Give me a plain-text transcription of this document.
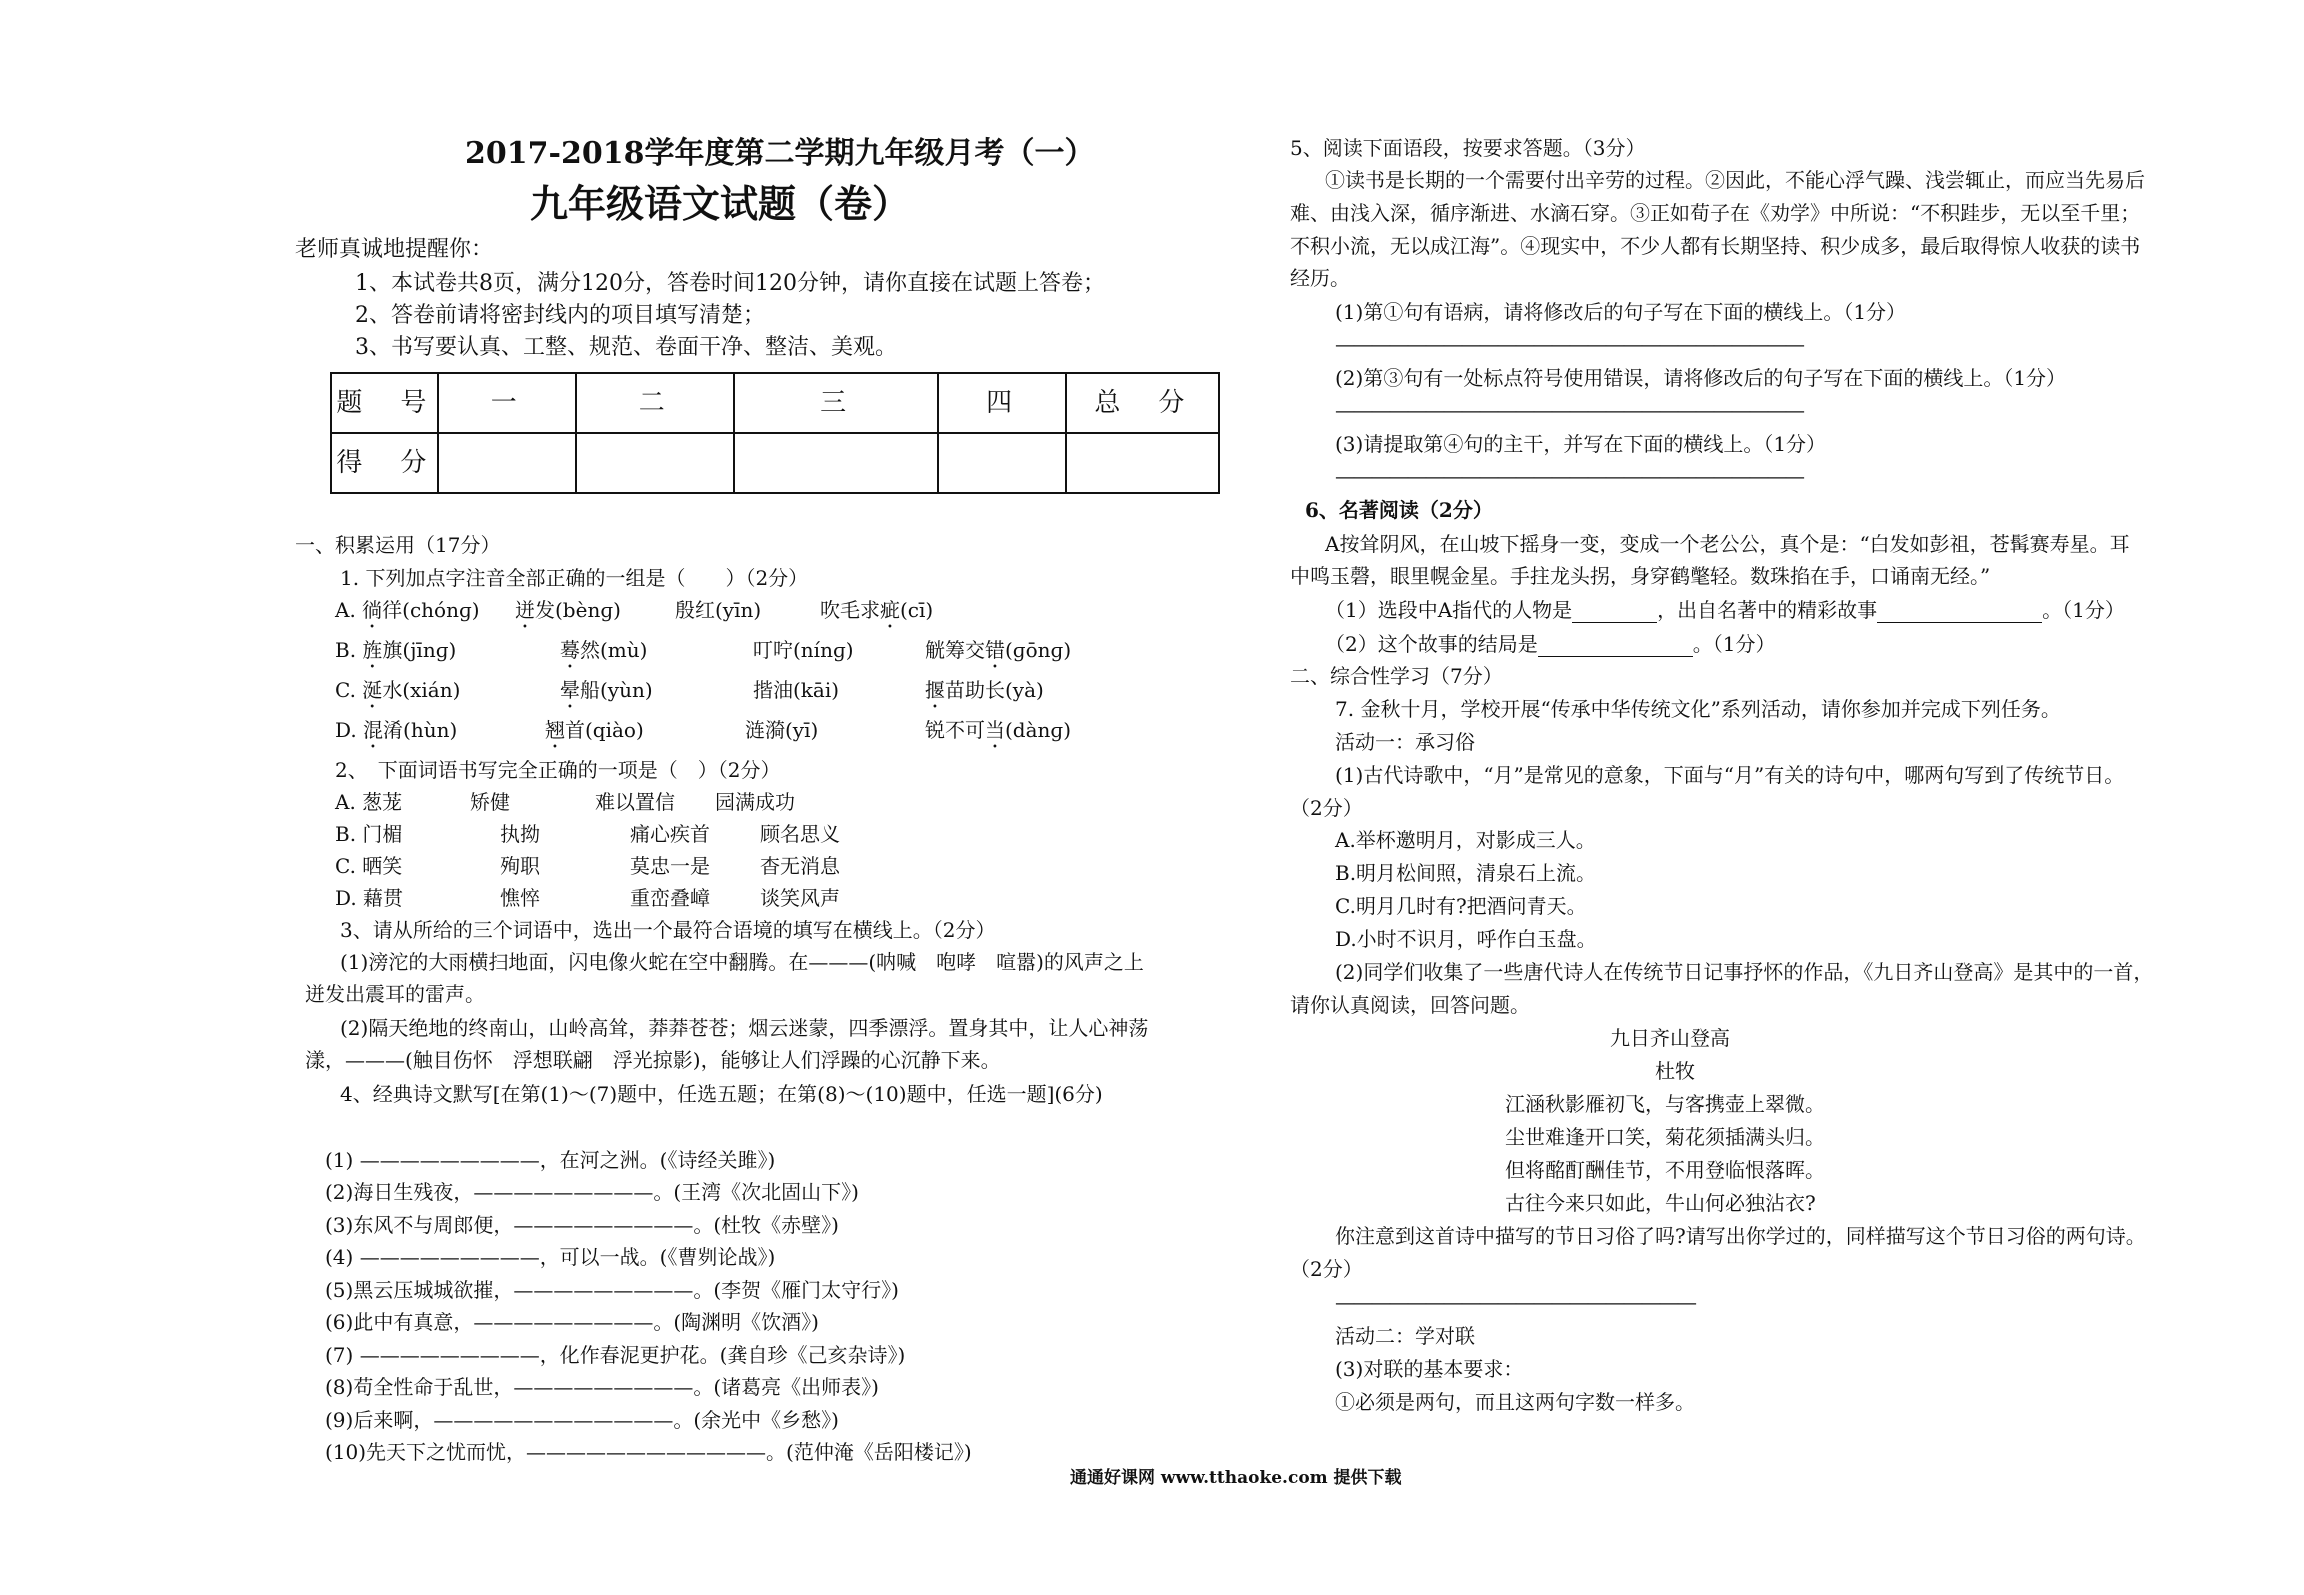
2017-2018学年度第二学期九年级月考（一）
九年级语文试题（卷）
老师真诚地提醒你：
1、本试卷共8页，满分120分，答卷时间120分钟，请你直接在试题上答卷；
2、答卷前请将密封线内的项目填写清楚；
3、书写要认真、工整、规范、卷面干净、整洁、美观。
题　号	一	二	三	四	总　分
得　分					
一、积累运用（17分）
1. 下列加点字注音全部正确的一组是（　　）（2分）
A. 徜徉(chónɡ) 迸发(bènɡ)	殷红(yīn)	吹毛求疵(cī)
B. 旌旗(jīnɡ)	蓦然(mù)	叮咛(nínɡ)	觥筹交错(ɡōnɡ)
C. 涎水(xián)	晕船(yùn)	揩油(kāi)	揠苗助长(yà)
D. 混淆(hùn)	翘首(qiào)	涟漪(yī)	锐不可当(dànɡ)
2、　下面词语书写完全正确的一项是（　）（2分）
A. 葱茏	矫健	难以置信 园满成功
B. 门楣	执拗	痛心疾首	顾名思义
C. 晒笑	殉职	莫忠一是	杳无消息
D. 藉贯	憔悴	重峦叠嶂	谈笑风声
3、请从所给的三个词语中，选出一个最符合语境的填写在横线上。（2分）
(1)滂沱的大雨横扫地面，闪电像火蛇在空中翻腾。在———(呐喊　咆哮　喧嚣)的风声之上
迸发出震耳的雷声。
(2)隔天绝地的终南山，山岭高耸，莽莽苍苍；烟云迷蒙，四季漂浮。置身其中，让人心神荡
漾，———(触目伤怀　浮想联翩　浮光掠影)，能够让人们浮躁的心沉静下来。
4、经典诗文默写[在第(1)～(7)题中，任选五题；在第(8)～(10)题中，任选一题](6分)
(1) —————————，在河之洲。(《诗经关雎》)
(2)海日生残夜，—————————。(王湾《次北固山下》)
(3)东风不与周郎便，—————————。(杜牧《赤壁》)
(4) —————————，可以一战。(《曹刿论战》)
(5)黑云压城城欲摧，—————————。(李贺《雁门太守行》)
(6)此中有真意，—————————。(陶渊明《饮酒》)
(7) —————————，化作春泥更护花。(龚自珍《己亥杂诗》)
(8)苟全性命于乱世，—————————。(诸葛亮《出师表》)
(9)后来啊，————————————。(余光中《乡愁》)
(10)先天下之忧而忧，————————————。(范仲淹《岳阳楼记》)
5、阅读下面语段，按要求答题。（3分）
①读书是长期的一个需要付出辛劳的过程。②因此，不能心浮气躁、浅尝辄止，而应当先易后
难、由浅入深，循序渐进、水滴石穿。③正如荀子在《劝学》中所说：“不积跬步，无以至千里；
不积小流，无以成江海”。④现实中，不少人都有长期坚持、积少成多，最后取得惊人收获的读书
经历。
(1)第①句有语病，请将修改后的句子写在下面的横线上。（1分）
——————————————————————————
(2)第③句有一处标点符号使用错误，请将修改后的句子写在下面的横线上。（1分）
——————————————————————————
(3)请提取第④句的主干，并写在下面的横线上。（1分）
——————————————————————————
6、名著阅读（2分）
A按耸阴风，在山坡下摇身一变，变成一个老公公，真个是：“白发如彭祖，苍髯赛寿星。耳
中鸣玉磬，眼里幌金星。手拄龙头拐，身穿鹤氅轻。数珠掐在手，口诵南无经。”
（1）选段中A指代的人物是	，出自名著中的精彩故事	。（1分）
（2）这个故事的结局是	。（1分）
二、综合性学习（7分）
7. 金秋十月，学校开展“传承中华传统文化”系列活动，请你参加并完成下列任务。
活动一：承习俗
(1)古代诗歌中，“月”是常见的意象，下面与“月”有关的诗句中，哪两句写到了传统节日。
（2分）
A.举杯邀明月，对影成三人。
B.明月松间照，清泉石上流。
C.明月几时有?把酒问青天。
D.小时不识月，呼作白玉盘。
(2)同学们收集了一些唐代诗人在传统节日记事抒怀的作品，《九日齐山登高》是其中的一首，
请你认真阅读，回答问题。
九日齐山登高
杜牧
江涵秋影雁初飞，与客携壶上翠微。
尘世难逢开口笑，菊花须插满头归。
但将酩酊酬佳节，不用登临恨落晖。
古往今来只如此，牛山何必独沾衣?
你注意到这首诗中描写的节日习俗了吗?请写出你学过的，同样描写这个节日习俗的两句诗。
（2分）
————————————————————
活动二：学对联
(3)对联的基本要求：
①必须是两句，而且这两句字数一样多。
通通好课网 www.tthaoke.com 提供下载
